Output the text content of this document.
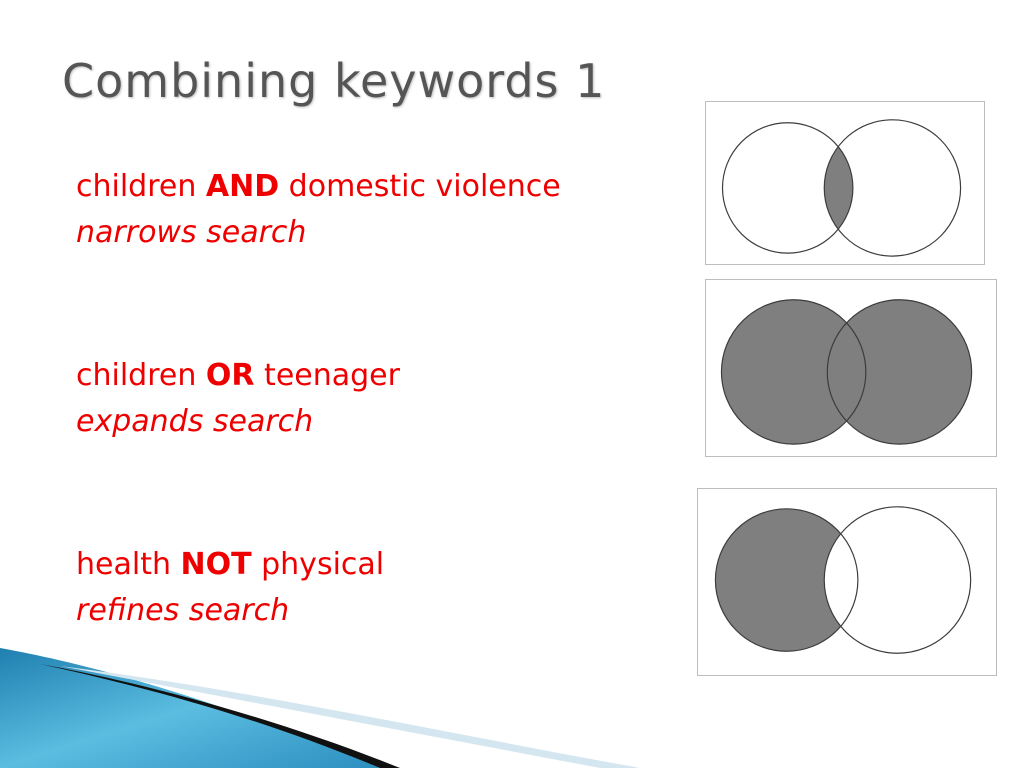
Combining keywords 1
children AND domestic violence
narrows search
children OR teenager
expands search
health NOT physical
refines search
